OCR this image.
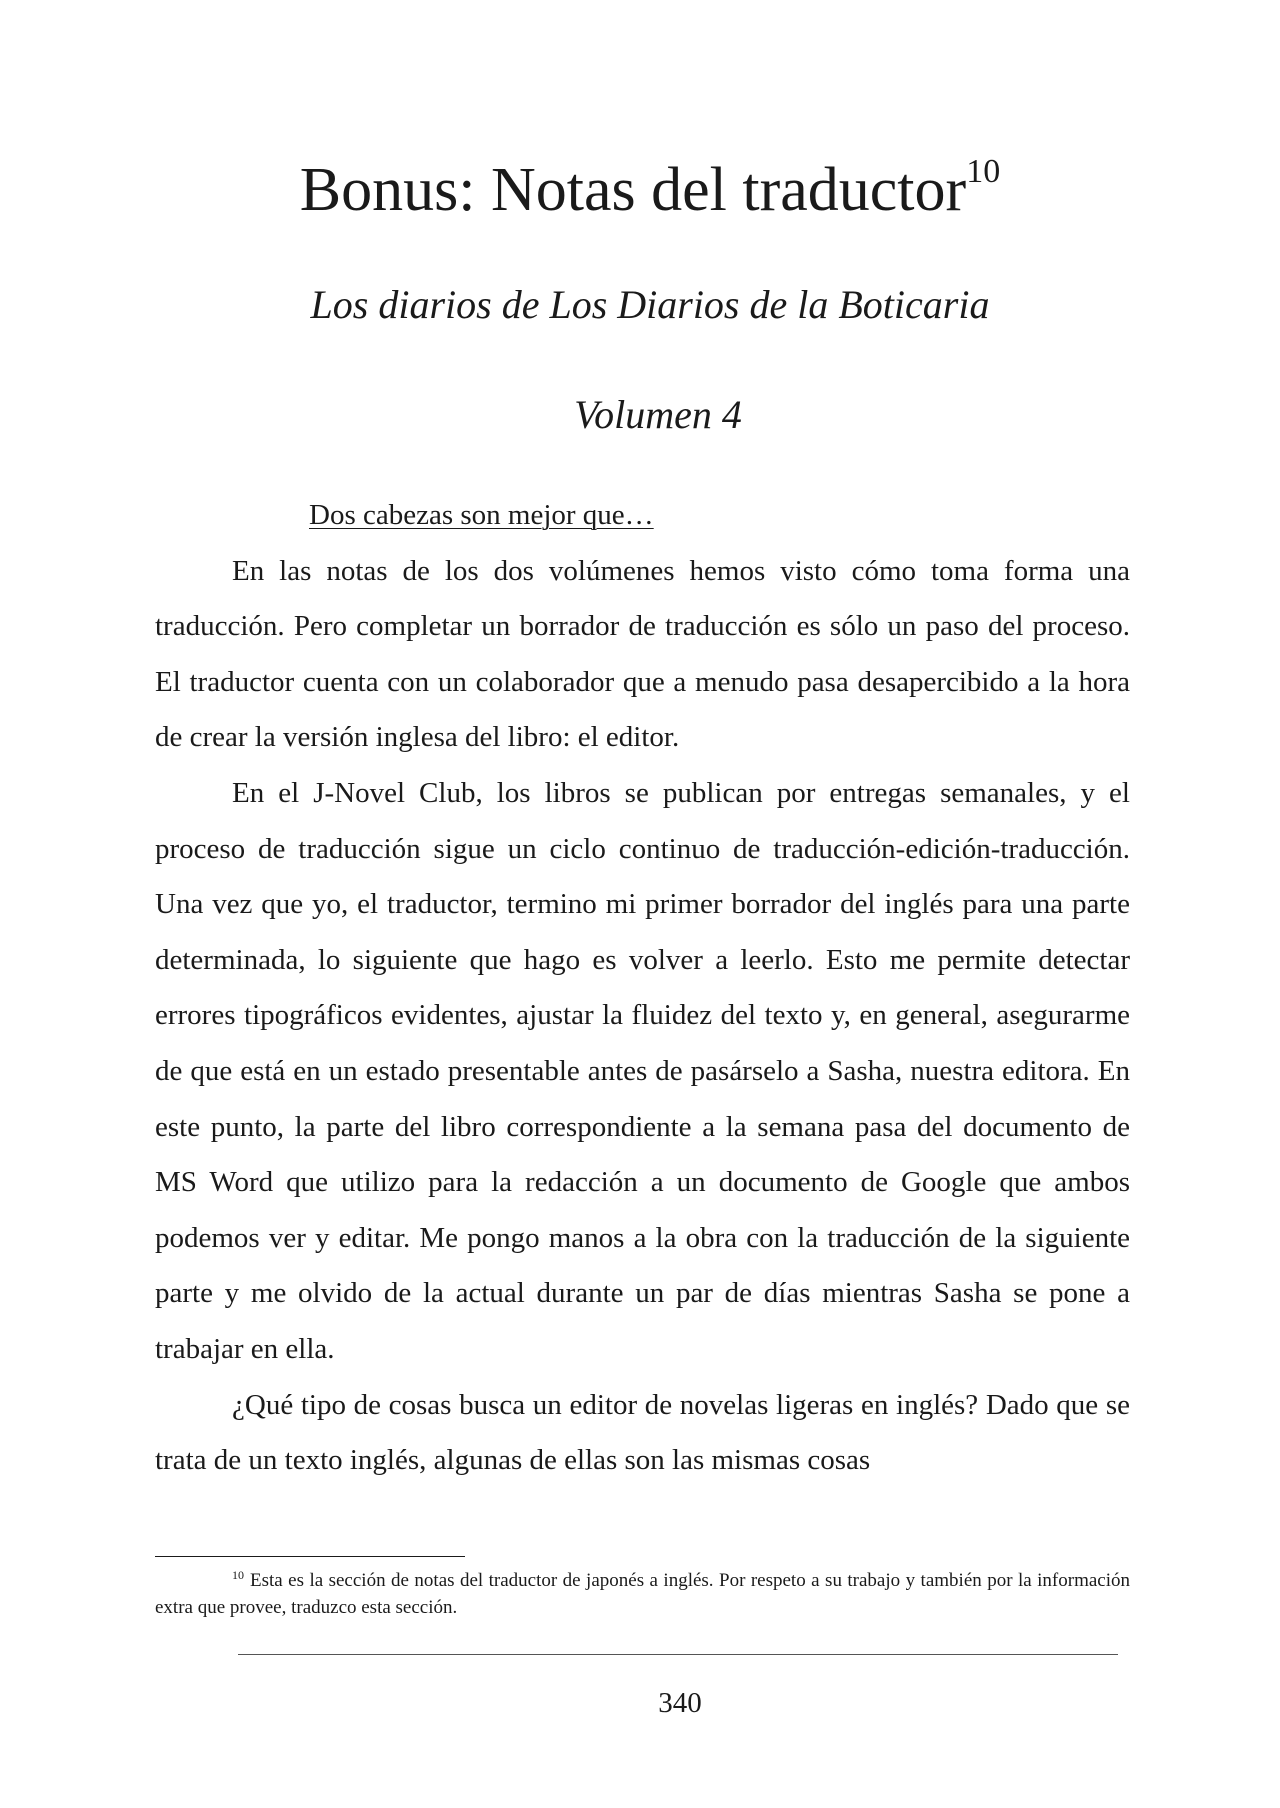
Bonus: Notas del traductor$^{10}$
Los diarios de Los Diarios de la Boticaria
Volumen 4

Dos cabezas son mejor que…

En las notas de los dos volúmenes hemos visto cómo toma forma una traducción. Pero completar un borrador de traducción es sólo un paso del proceso. El traductor cuenta con un colaborador que a menudo pasa desapercibido a la hora de crear la versión inglesa del libro: el editor.

En el J-Novel Club, los libros se publican por entregas semanales, y el proceso de traducción sigue un ciclo continuo de traducción-edición-traducción. Una vez que yo, el traductor, termino mi primer borrador del inglés para una parte determinada, lo siguiente que hago es volver a leerlo. Esto me permite detectar errores tipográficos evidentes, ajustar la fluidez del texto y, en general, asegurarme de que está en un estado presentable antes de pasárselo a Sasha, nuestra editora. En este punto, la parte del libro correspondiente a la semana pasa del documento de MS Word que utilizo para la redacción a un documento de Google que ambos podemos ver y editar. Me pongo manos a la obra con la traducción de la siguiente parte y me olvido de la actual durante un par de días mientras Sasha se pone a trabajar en ella.

¿Qué tipo de cosas busca un editor de novelas ligeras en inglés? Dado que se trata de un texto inglés, algunas de ellas son las mismas cosas

$^{10}$ Esta es la sección de notas del traductor de japonés a inglés. Por respeto a su trabajo y también por la información extra que provee, traduzco esta sección.
340
